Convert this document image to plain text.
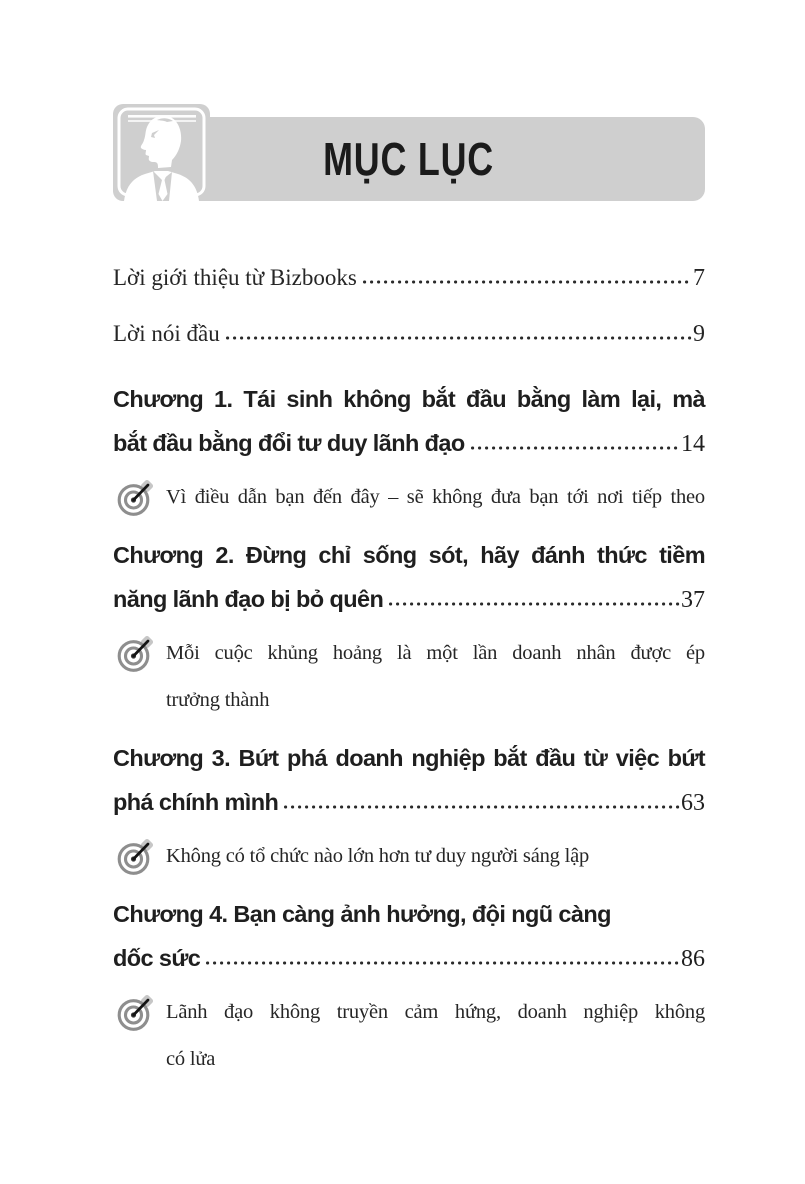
MỤC LỤC
Lời giới thiệu từ Bizbooks	7
Lời nói đầu	9
Chương 1. Tái sinh không bắt đầu bằng làm lại, mà
bắt đầu bằng đổi tư duy lãnh đạo	14
Vì điều dẫn bạn đến đây – sẽ không đưa bạn tới nơi tiếp theo
Chương 2. Đừng chỉ sống sót, hãy đánh thức tiềm
năng lãnh đạo bị bỏ quên	37
Mỗi cuộc khủng hoảng là một lần doanh nhân được ép
trưởng thành
Chương 3. Bứt phá doanh nghiệp bắt đầu từ việc bứt
phá chính mình	63
Không có tổ chức nào lớn hơn tư duy người sáng lập
Chương 4. Bạn càng ảnh hưởng, đội ngũ càng
dốc sức	86
Lãnh đạo không truyền cảm hứng, doanh nghiệp không
có lửa
